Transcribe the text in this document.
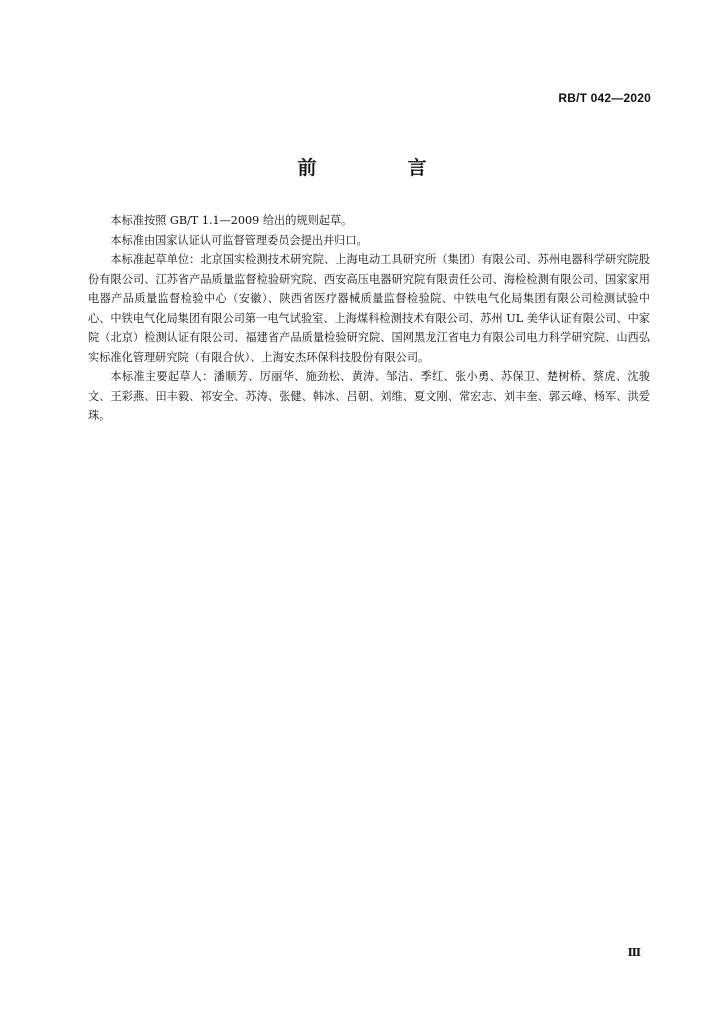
RB/T 042—2020
前　言

本标准按照 GB/T 1.1—2009 给出的规则起草。

本标准由国家认证认可监督管理委员会提出并归口。

本标准起草单位：北京国实检测技术研究院、上海电动工具研究所（集团）有限公司、苏州电器科学研究院股份有限公司、江苏省产品质量监督检验研究院、西安高压电器研究院有限责任公司、海检检测有限公司、国家家用电器产品质量监督检验中心（安徽）、陕西省医疗器械质量监督检验院、中铁电气化局集团有限公司检测试验中心、中铁电气化局集团有限公司第一电气试验室、上海煤科检测技术有限公司、苏州 UL 美华认证有限公司、中家院（北京）检测认证有限公司、福建省产品质量检验研究院、国网黑龙江省电力有限公司电力科学研究院、山西弘实标准化管理研究院（有限合伙）、上海安杰环保科技股份有限公司。

本标准主要起草人：潘顺芳、厉丽华、施劲松、黄涛、邹洁、季红、张小勇、苏保卫、楚树桥、蔡虎、沈骏文、王彩燕、田丰毅、祁安全、苏涛、张健、韩冰、吕朝、刘维、夏文刚、常宏志、刘丰奎、郭云峰、杨军、洪爱珠。

Ⅲ
